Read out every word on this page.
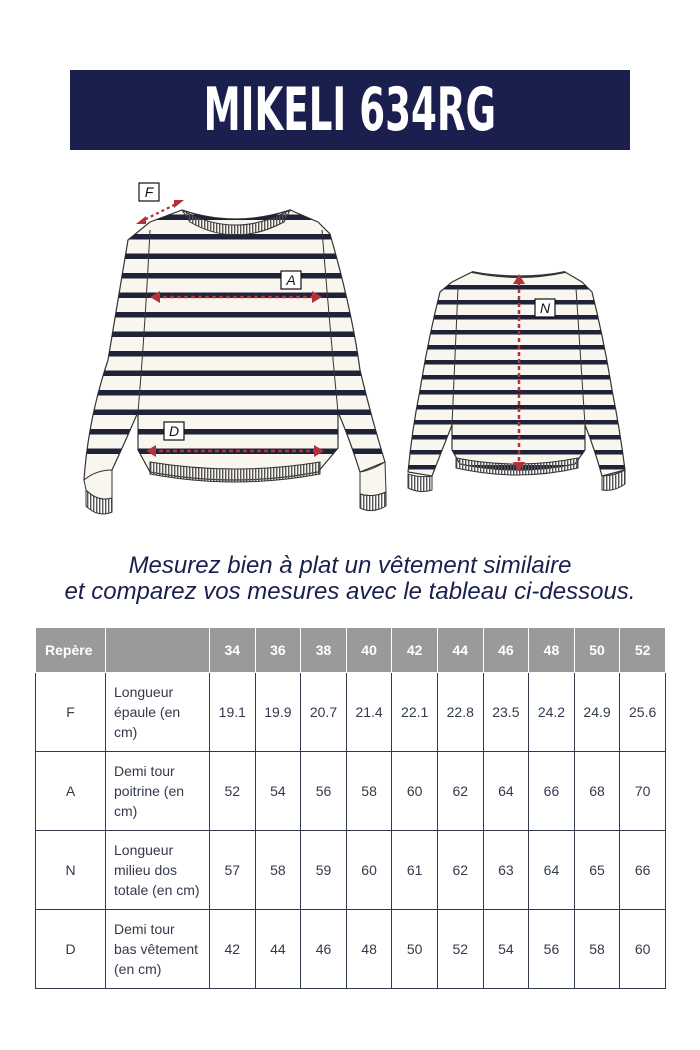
MIKELI 634RG
F
A
D
N
Mesurez bien à plat un vêtement similaire
et comparez vos mesures avec le tableau ci-dessous.
Repère		34	36	38	40	42	44	46	48	50	52
F	Longueur épaule (en cm)	19.1	19.9	20.7	21.4	22.1	22.8	23.5	24.2	24.9	25.6
A	Demi tour poitrine (en cm)	52	54	56	58	60	62	64	66	68	70
N	Longueur milieu dos totale (en cm)	57	58	59	60	61	62	63	64	65	66
D	Demi tour bas vêtement (en cm)	42	44	46	48	50	52	54	56	58	60
